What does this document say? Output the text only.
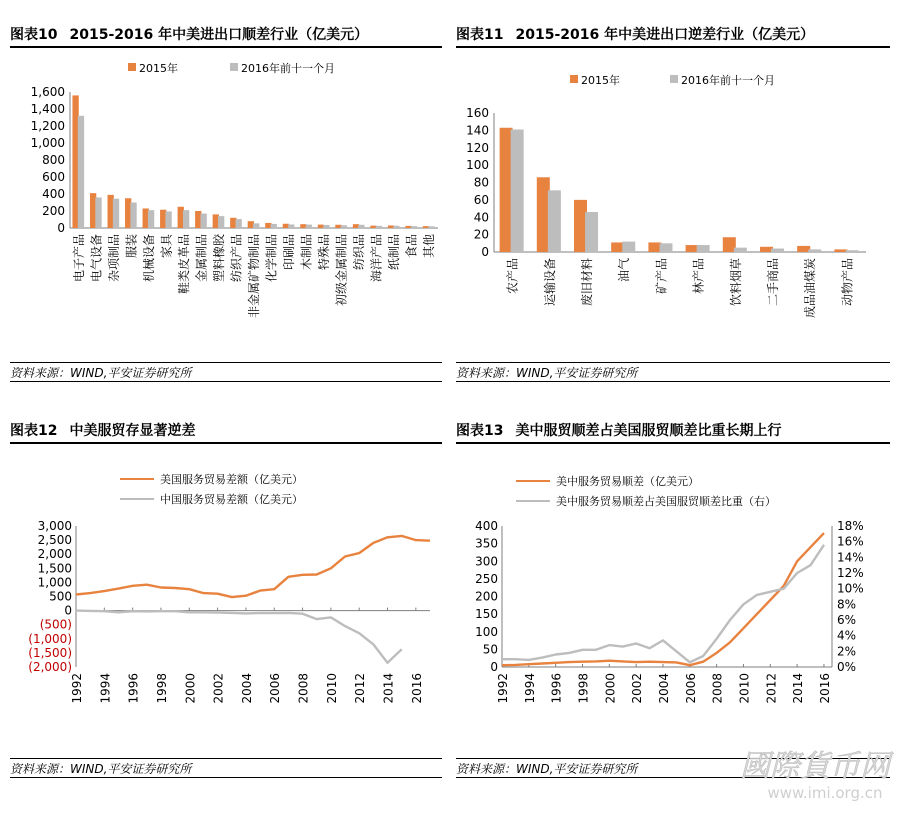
图表10 2015-2016 年中美进出口顺差行业（亿美元）
0
200
400
600
800
1,000
1,200
1,400
1,600
电子产品 电气设备 杂项制品 服装 机械设备 家具 鞋类皮革品 金属制品 塑料橡胶 纺织产品 非金属矿物制品 化学制品 印刷品 木制品 特殊品 初级金属制品 纺织品 海洋产品 纸制品 食品 其他
2015年	2016年前十一个月
资料来源：WIND,平安证券研究所
图表11 2015-2016 年中美进出口逆差行业（亿美元）
0
20
40
60
80
100
120
140
160
农产品 运输设备 废旧材料 油气 矿产品 林产品 饮料烟草 二手商品 成品油煤炭 动物产品
2015年	2016年前十一个月
资料来源：WIND,平安证券研究所
图表12 中美服贸存显著逆差
(2,000)
(1,500)
(1,000)
(500)
0
500
1,000
1,500
2,000
2,500
3,000
1992 1994 1996 1998 2000 2002 2004 2006 2008 2010 2012 2014 2016
美国服务贸易差额（亿美元）
中国服务贸易差额（亿美元）
资料来源：WIND,平安证券研究所
图表13 美中服贸顺差占美国服贸顺差比重长期上行
0
50
100
150
200
250
300
350
400
0%
2%
4%
6%
8%
10%
12%
14%
16%
18%
1992 1994 1996 1998 2000 2002 2004 2006 2008 2010 2012 2014 2016
美中服务贸易顺差（亿美元）
美中服务贸易顺差占美国服贸顺差比重（右）
资料来源：WIND,平安证券研究所	國際貨币网
www.imi.org.cn
